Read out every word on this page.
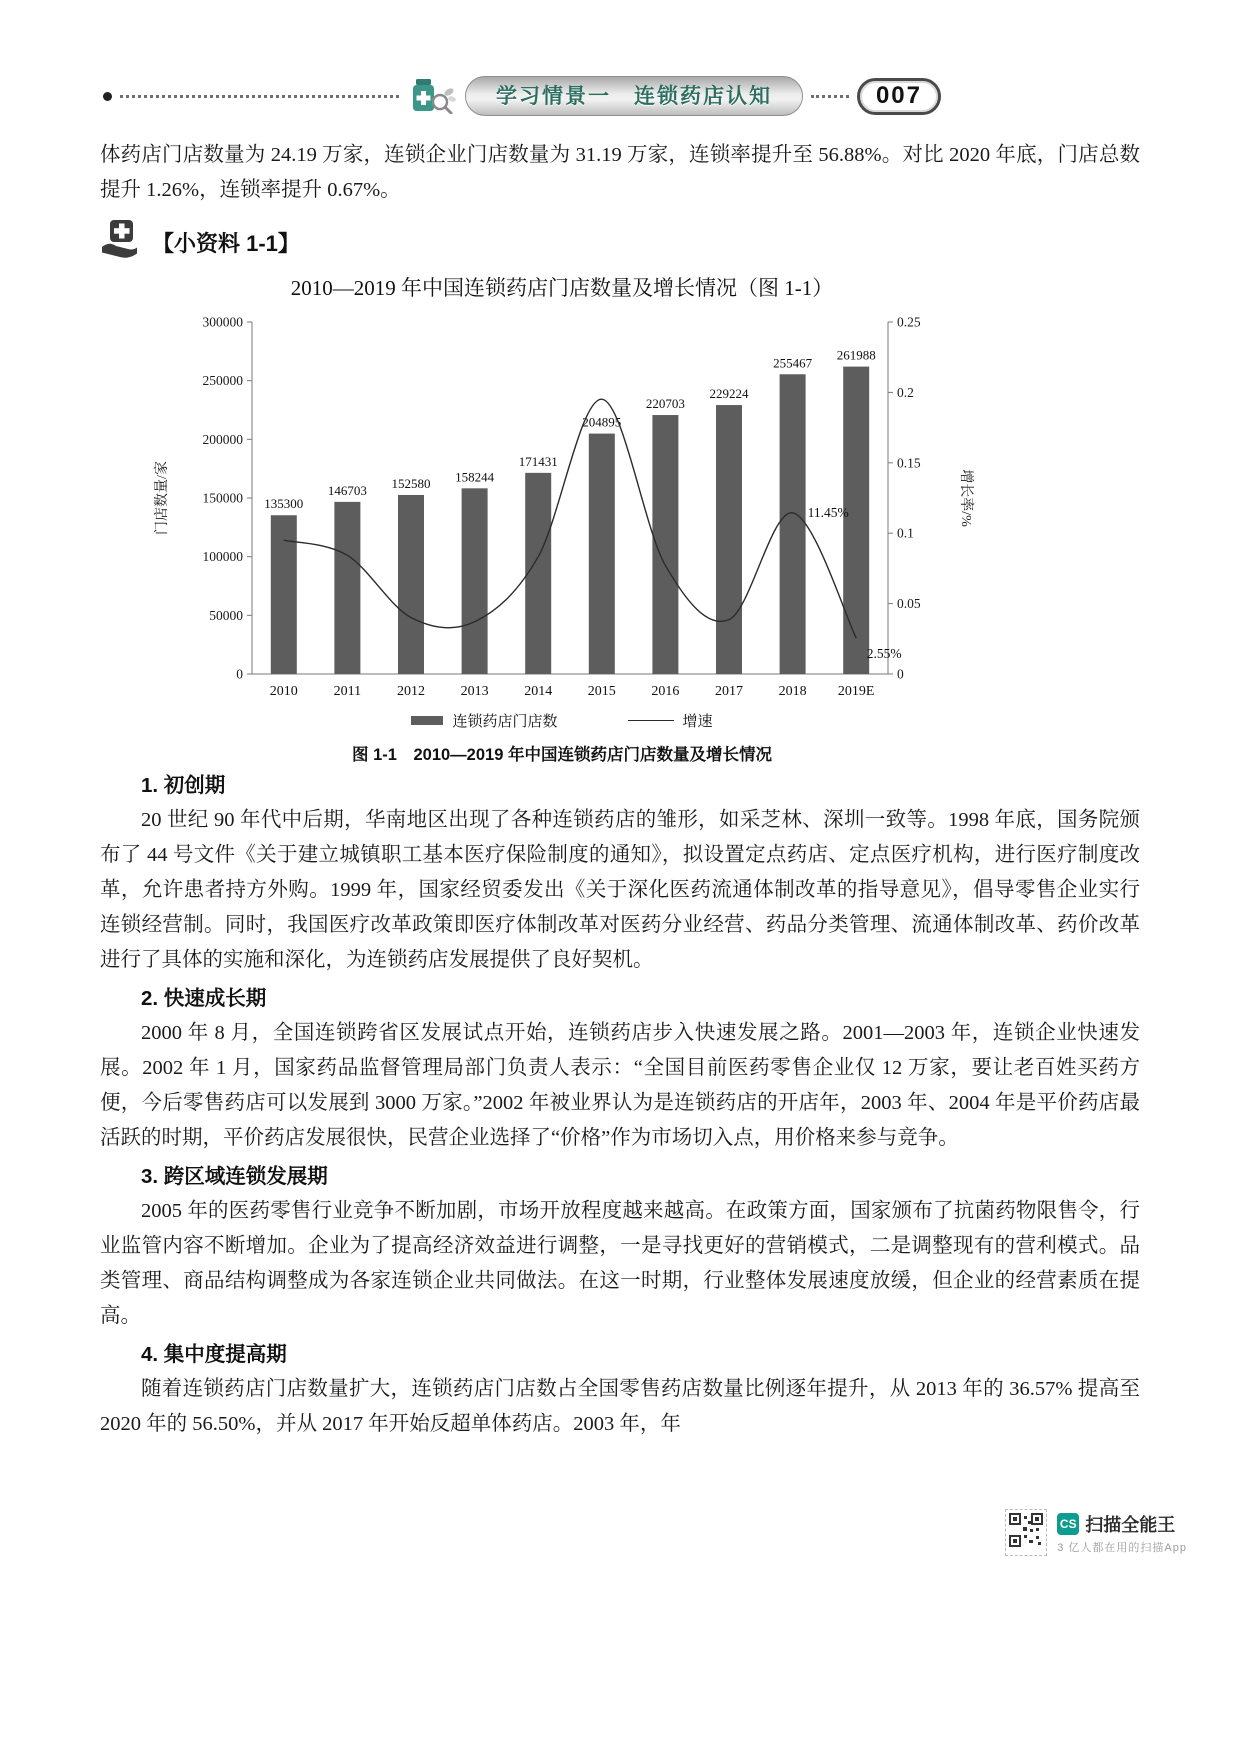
学习情景一　连锁药店认知	007

体药店门店数量为 24.19 万家，连锁企业门店数量为 31.19 万家，连锁率提升至 56.88%。对比 2020 年底，门店总数提升 1.26%，连锁率提升 0.67%。

【小资料 1-1】
2010—2019 年中国连锁药店门店数量及增长情况（图 1-1）
0
50000
100000
150000
200000
250000
300000
0
0.05
0.1
0.15
0.2
0.25
门店数量/家	增长率/%
135300
2010
146703
2011
152580
2012
158244
2013
171431
2014
204895
2015
220703
2016
229224
2017
255467
2018
261988
2019E
11.45%
2.55%
连锁药店门店数	增速
图 1-1　2010—2019 年中国连锁药店门店数量及增长情况
1. 初创期

20 世纪 90 年代中后期，华南地区出现了各种连锁药店的雏形，如采芝林、深圳一致等。1998 年底，国务院颁布了 44 号文件《关于建立城镇职工基本医疗保险制度的通知》，拟设置定点药店、定点医疗机构，进行医疗制度改革，允许患者持方外购。1999 年，国家经贸委发出《关于深化医药流通体制改革的指导意见》，倡导零售企业实行连锁经营制。同时，我国医疗改革政策即医疗体制改革对医药分业经营、药品分类管理、流通体制改革、药价改革进行了具体的实施和深化，为连锁药店发展提供了良好契机。

2. 快速成长期

2000 年 8 月，全国连锁跨省区发展试点开始，连锁药店步入快速发展之路。2001—2003 年，连锁企业快速发展。2002 年 1 月，国家药品监督管理局部门负责人表示：“全国目前医药零售企业仅 12 万家，要让老百姓买药方便，今后零售药店可以发展到 3000 万家。”2002 年被业界认为是连锁药店的开店年，2003 年、2004 年是平价药店最活跃的时期，平价药店发展很快，民营企业选择了“价格”作为市场切入点，用价格来参与竞争。

3. 跨区域连锁发展期

2005 年的医药零售行业竞争不断加剧，市场开放程度越来越高。在政策方面，国家颁布了抗菌药物限售令，行业监管内容不断增加。企业为了提高经济效益进行调整，一是寻找更好的营销模式，二是调整现有的营利模式。品类管理、商品结构调整成为各家连锁企业共同做法。在这一时期，行业整体发展速度放缓，但企业的经营素质在提高。

4. 集中度提高期

随着连锁药店门店数量扩大，连锁药店门店数占全国零售药店数量比例逐年提升，从 2013 年的 36.57% 提高至 2020 年的 56.50%，并从 2017 年开始反超单体药店。2003 年，年

CS 扫描全能王
3 亿人都在用的扫描App
